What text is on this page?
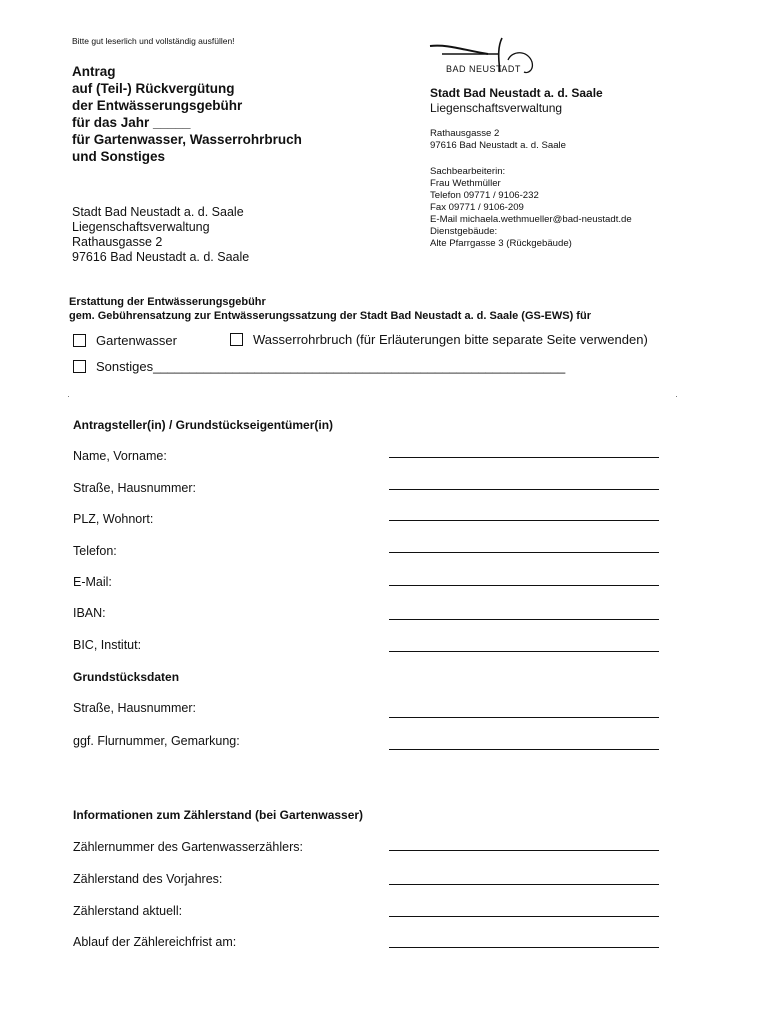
Bitte gut leserlich und vollständig ausfüllen!
Antrag
auf (Teil-) Rückvergütung
der Entwässerungsgebühr
für das Jahr _____
für Gartenwasser, Wasserrohrbruch
und Sonstiges
BAD NEUSTADT
Stadt Bad Neustadt a. d. Saale
Liegenschaftsverwaltung
Rathausgasse 2
97616 Bad Neustadt a. d. Saale
Sachbearbeiterin:
Frau Wethmüller
Telefon 09771 / 9106-232
Fax 09771 / 9106-209
E-Mail michaela.wethmueller@bad-neustadt.de
Dienstgebäude:
Alte Pfarrgasse 3 (Rückgebäude)
Stadt Bad Neustadt a. d. Saale
Liegenschaftsverwaltung
Rathausgasse 2
97616 Bad Neustadt a. d. Saale
Erstattung der Entwässerungsgebühr
gem. Gebührensatzung zur Entwässerungssatzung der Stadt Bad Neustadt a. d. Saale (GS-EWS) für
Gartenwasser	Wasserrohrbruch (für Erläuterungen bitte separate Seite verwenden)
Sonstiges_________________________________________________________
Antragsteller(in) / Grundstückseigentümer(in)
Name, Vorname:
Straße, Hausnummer:
PLZ, Wohnort:
Telefon:
E-Mail:
IBAN:
BIC, Institut:
Grundstücksdaten
Straße, Hausnummer:
ggf. Flurnummer, Gemarkung:
Informationen zum Zählerstand (bei Gartenwasser)
Zählernummer des Gartenwasserzählers:
Zählerstand des Vorjahres:
Zählerstand aktuell:
Ablauf der Zählereichfrist am:
